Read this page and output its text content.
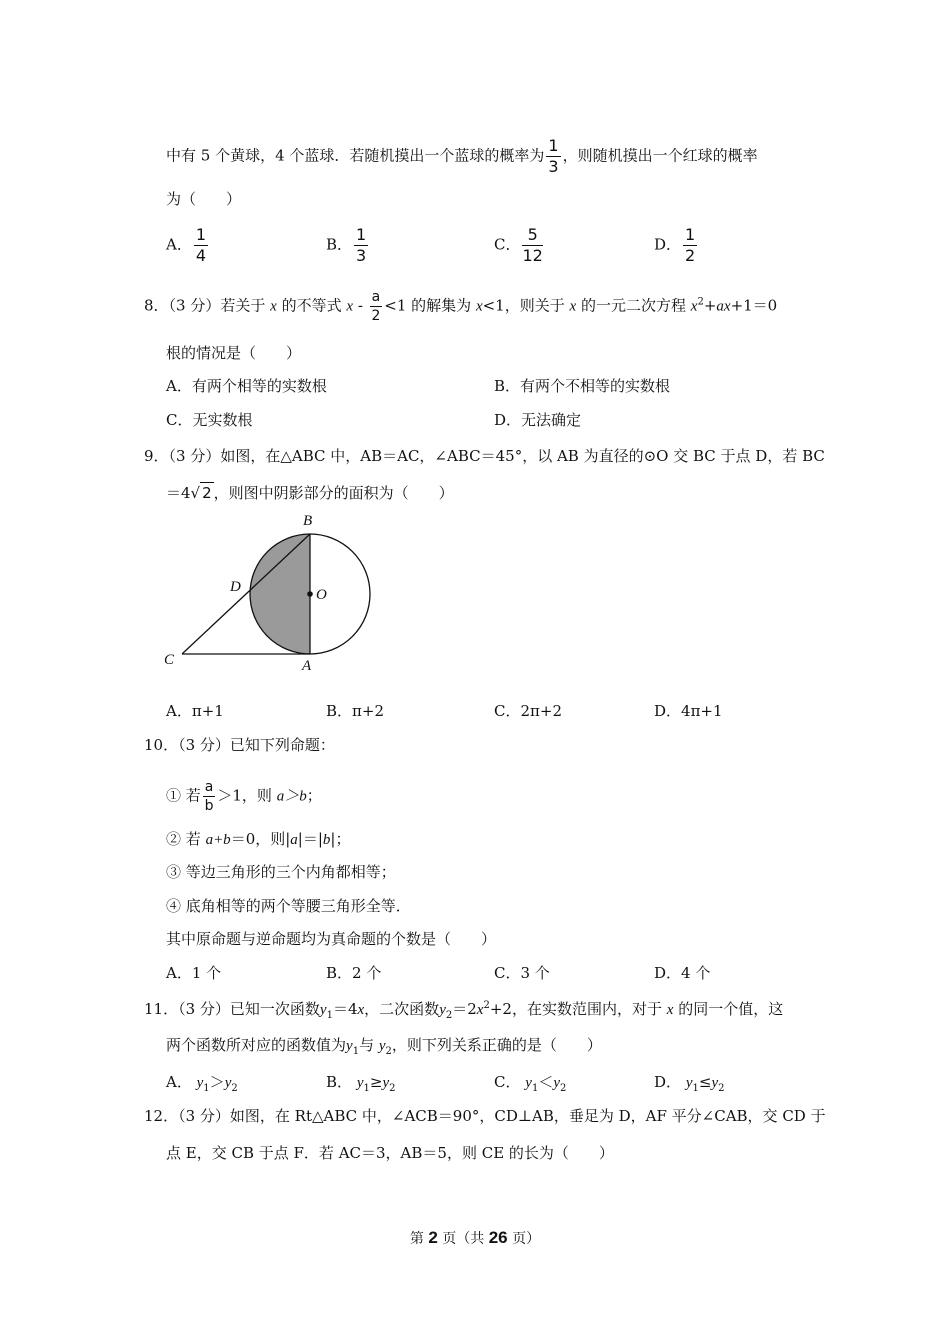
中有 5 个黄球，4 个蓝球．若随机摸出一个蓝球的概率为 $\frac{1}{3}$ ，则随机摸出一个红球的概率
为（　　）
A． $\frac{1}{4}$	B． $\frac{1}{3}$	C． $\frac{5}{12}$	D． $\frac{1}{2}$
8．（3 分）若关于 x 的不等式 $x - \frac{a}{2} <1$ 的解集为 x<1，则关于 x 的一元二次方程 $x^2+ax+1=0$
根的情况是（　　）
A．有两个相等的实数根	B．有两个不相等的实数根
C．无实数根	D．无法确定
9．（3 分）如图，在△ABC 中，AB＝AC，∠ABC＝45°，以 AB 为直径的⊙O 交 BC 于点 D，若 BC
＝4√ 2 ，则图中阴影部分的面积为（　　）
B
D	O
C	A
A．π+1	B．π+2	C．2π+2	D．4π+1
10．（3 分）已知下列命题：
① 若 $\frac{a}{b} >1$，则 a＞b；
② 若 a+b＝0，则|a|＝|b|；
③ 等边三角形的三个内角都相等；
④ 底角相等的两个等腰三角形全等．
其中原命题与逆命题均为真命题的个数是（　　）
A．1 个	B．2 个	C．3 个	D．4 个
11．（3 分）已知一次函数$y_1=4x$，二次函数$y_2=2x^2+2$，在实数范围内，对于 x 的同一个值，这
两个函数所对应的函数值为$y_1$与 $y_2$，则下列关系正确的是（　　）
A． $y_1>y_2$	B． $y_1\ge y_2$	C． $y_1<y_2$	D． $y_1\le y_2$
12．（3 分）如图，在 Rt△ABC 中，∠ACB＝90°，CD⊥AB，垂足为 D，AF 平分∠CAB，交 CD 于
点 E，交 CB 于点 F．若 AC＝3，AB＝5，则 CE 的长为（　　）
第 2 页（共 26 页）
